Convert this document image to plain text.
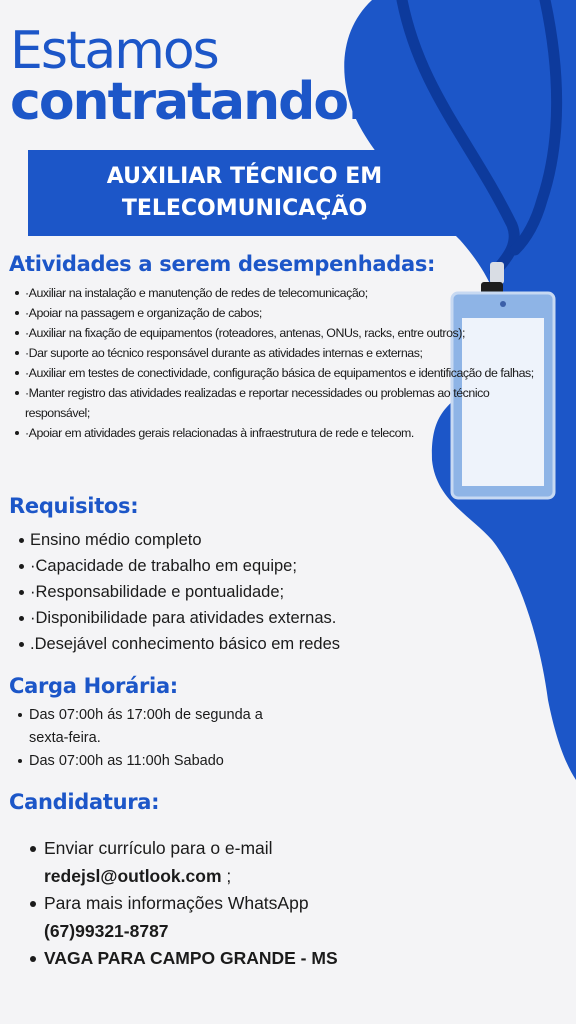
Estamos
contratando.
AUXILIAR TÉCNICO EM
TELECOMUNICAÇÃO
Atividades a serem desempenhadas:
·Auxiliar na instalação e manutenção de redes de telecomunicação;
·Apoiar na passagem e organização de cabos;
·Auxiliar na fixação de equipamentos (roteadores, antenas, ONUs, racks, entre outros);
·Dar suporte ao técnico responsável durante as atividades internas e externas;
·Auxiliar em testes de conectividade, configuração básica de equipamentos e identificação de falhas;
·Manter registro das atividades realizadas e reportar necessidades ou problemas ao técnico responsável;
·Apoiar em atividades gerais relacionadas à infraestrutura de rede e telecom.
Requisitos:
Ensino médio completo
·Capacidade de trabalho em equipe;
·Responsabilidade e pontualidade;
·Disponibilidade para atividades externas.
.Desejável conhecimento básico em redes
Carga Horária:
Das 07:00h ás 17:00h de segunda a sexta-feira.
Das 07:00h as 11:00h Sabado
Candidatura:
Enviar currículo para o e-mail
redejsl@outlook.com ;
Para mais informações WhatsApp
(67)99321-8787
VAGA PARA CAMPO GRANDE - MS
